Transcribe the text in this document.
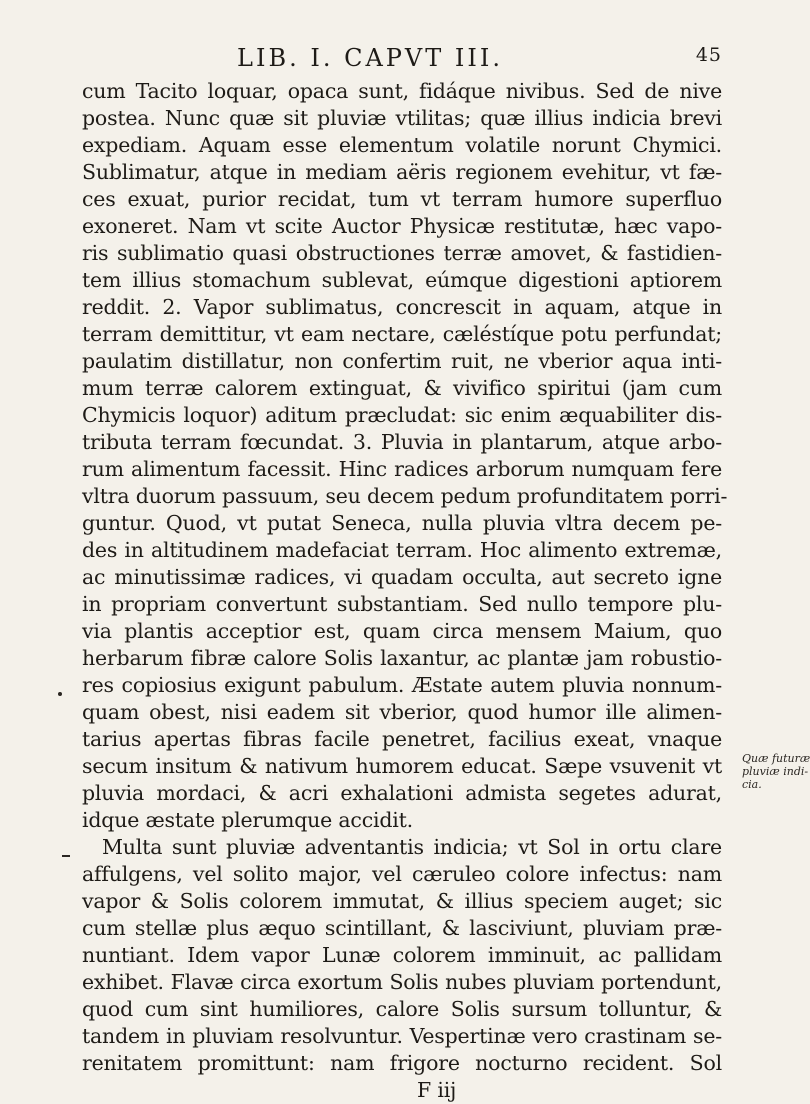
LIB. I. CAPVT III.	45
cum Tacito loquar, opaca sunt, fidáque nivibus. Sed de nive
postea. Nunc quæ sit pluviæ vtilitas; quæ illius indicia brevi
expediam. Aquam esse elementum volatile norunt Chymici.
Sublimatur, atque in mediam aëris regionem evehitur, vt fæ-
ces exuat, purior recidat, tum vt terram humore superfluo
exoneret. Nam vt scite Auctor Physicæ restitutæ, hæc vapo-
ris sublimatio quasi obstructiones terræ amovet, & fastidien-
tem illius stomachum sublevat, eúmque digestioni aptiorem
reddit. 2. Vapor sublimatus, concrescit in aquam, atque in
terram demittitur, vt eam nectare, cæléstíque potu perfundat;
paulatim distillatur, non confertim ruit, ne vberior aqua inti-
mum terræ calorem extinguat, & vivifico spiritui (jam cum
Chymicis loquor) aditum præcludat: sic enim æquabiliter dis-
tributa terram fœcundat. 3. Pluvia in plantarum, atque arbo-
rum alimentum facessit. Hinc radices arborum numquam fere
vltra duorum passuum, seu decem pedum profunditatem porri-
guntur. Quod, vt putat Seneca, nulla pluvia vltra decem pe-
des in altitudinem madefaciat terram. Hoc alimento extremæ,
ac minutissimæ radices, vi quadam occulta, aut secreto igne
in propriam convertunt substantiam. Sed nullo tempore plu-
via plantis acceptior est, quam circa mensem Maium, quo
herbarum fibræ calore Solis laxantur, ac plantæ jam robustio-
res copiosius exigunt pabulum. Æstate autem pluvia nonnum-
quam obest, nisi eadem sit vberior, quod humor ille alimen-
tarius apertas fibras facile penetret, facilius exeat, vnaque
secum insitum & nativum humorem educat. Sæpe vsuvenit vt
pluvia mordaci, & acri exhalationi admista segetes adurat,
idque æstate plerumque accidit.
Multa sunt pluviæ adventantis indicia; vt Sol in ortu clare
affulgens, vel solito major, vel cæruleo colore infectus: nam
vapor & Solis colorem immutat, & illius speciem auget; sic
cum stellæ plus æquo scintillant, & lasciviunt, pluviam præ-
nuntiant. Idem vapor Lunæ colorem imminuit, ac pallidam
exhibet. Flavæ circa exortum Solis nubes pluviam portendunt,
quod cum sint humiliores, calore Solis sursum tolluntur, &
tandem in pluviam resolvuntur. Vespertinæ vero crastinam se-
renitatem promittunt: nam frigore nocturno recident. Sol
F iij
Quæ futuræ
pluviæ indi-
cia.
